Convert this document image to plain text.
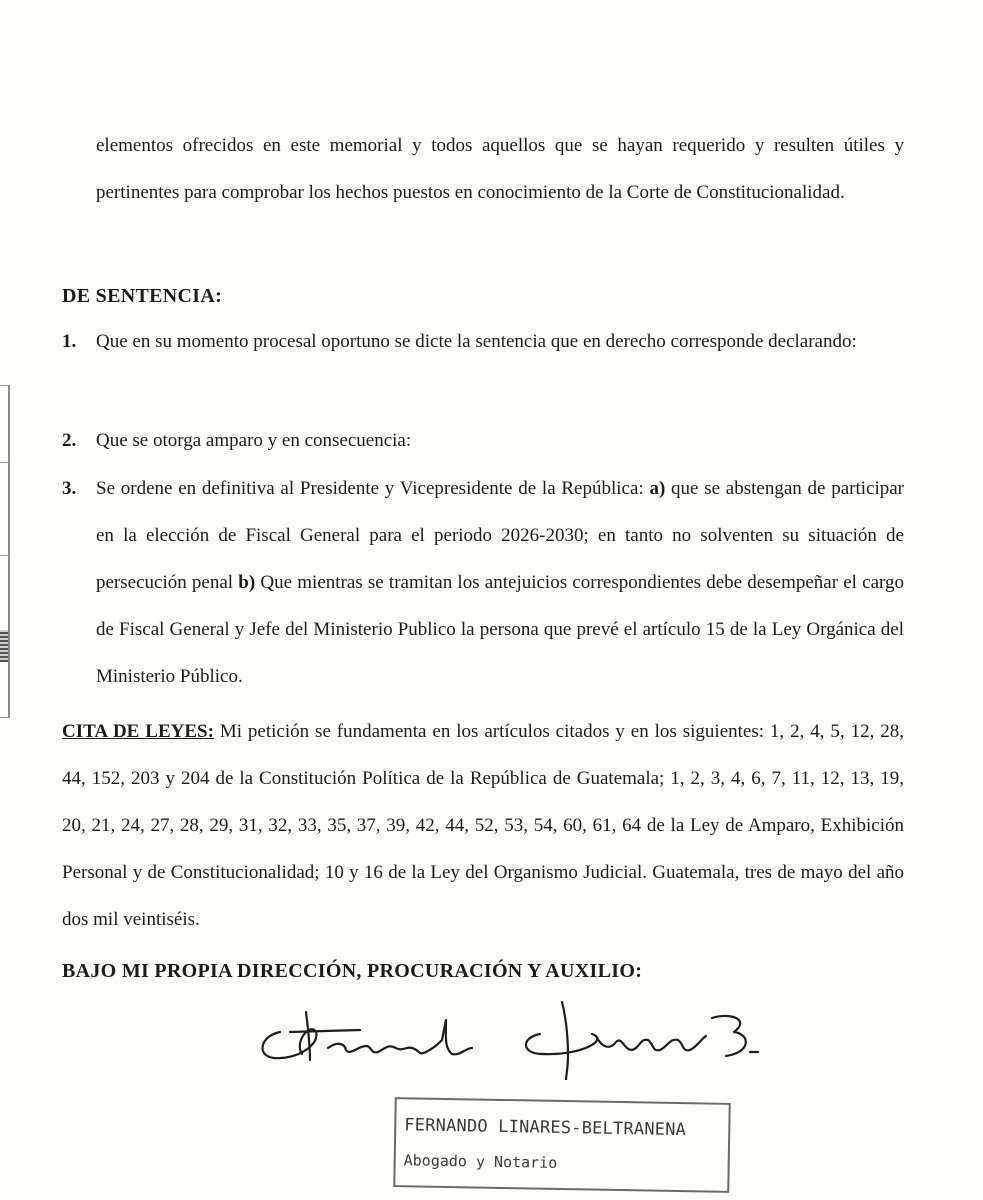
elementos ofrecidos en este memorial y todos aquellos que se hayan requerido y resulten útiles y pertinentes para comprobar los hechos puestos en conocimiento de la Corte de Constitucionalidad.

DE SENTENCIA:

1. Que en su momento procesal oportuno se dicte la sentencia que en derecho corresponde declarando:
2. Que se otorga amparo y en consecuencia:
3. Se ordene en definitiva al Presidente y Vicepresidente de la República: a) que se abstengan de participar en la elección de Fiscal General para el periodo 2026-2030; en tanto no solventen su situación de persecución penal b) Que mientras se tramitan los antejuicios correspondientes debe desempeñar el cargo de Fiscal General y Jefe del Ministerio Publico la persona que prevé el artículo 15 de la Ley Orgánica del Ministerio Público.

CITA DE LEYES: Mi petición se fundamenta en los artículos citados y en los siguientes: 1, 2, 4, 5, 12, 28, 44, 152, 203 y 204 de la Constitución Política de la República de Guatemala; 1, 2, 3, 4, 6, 7, 11, 12, 13, 19, 20, 21, 24, 27, 28, 29, 31, 32, 33, 35, 37, 39, 42, 44, 52, 53, 54, 60, 61, 64 de la Ley de Amparo, Exhibición Personal y de Constitucionalidad; 10 y 16 de la Ley del Organismo Judicial. Guatemala, tres de mayo del año dos mil veintiséis.

BAJO MI PROPIA DIRECCIÓN, PROCURACIÓN Y AUXILIO:

FERNANDO LINARES-BELTRANENA
Abogado y Notario
